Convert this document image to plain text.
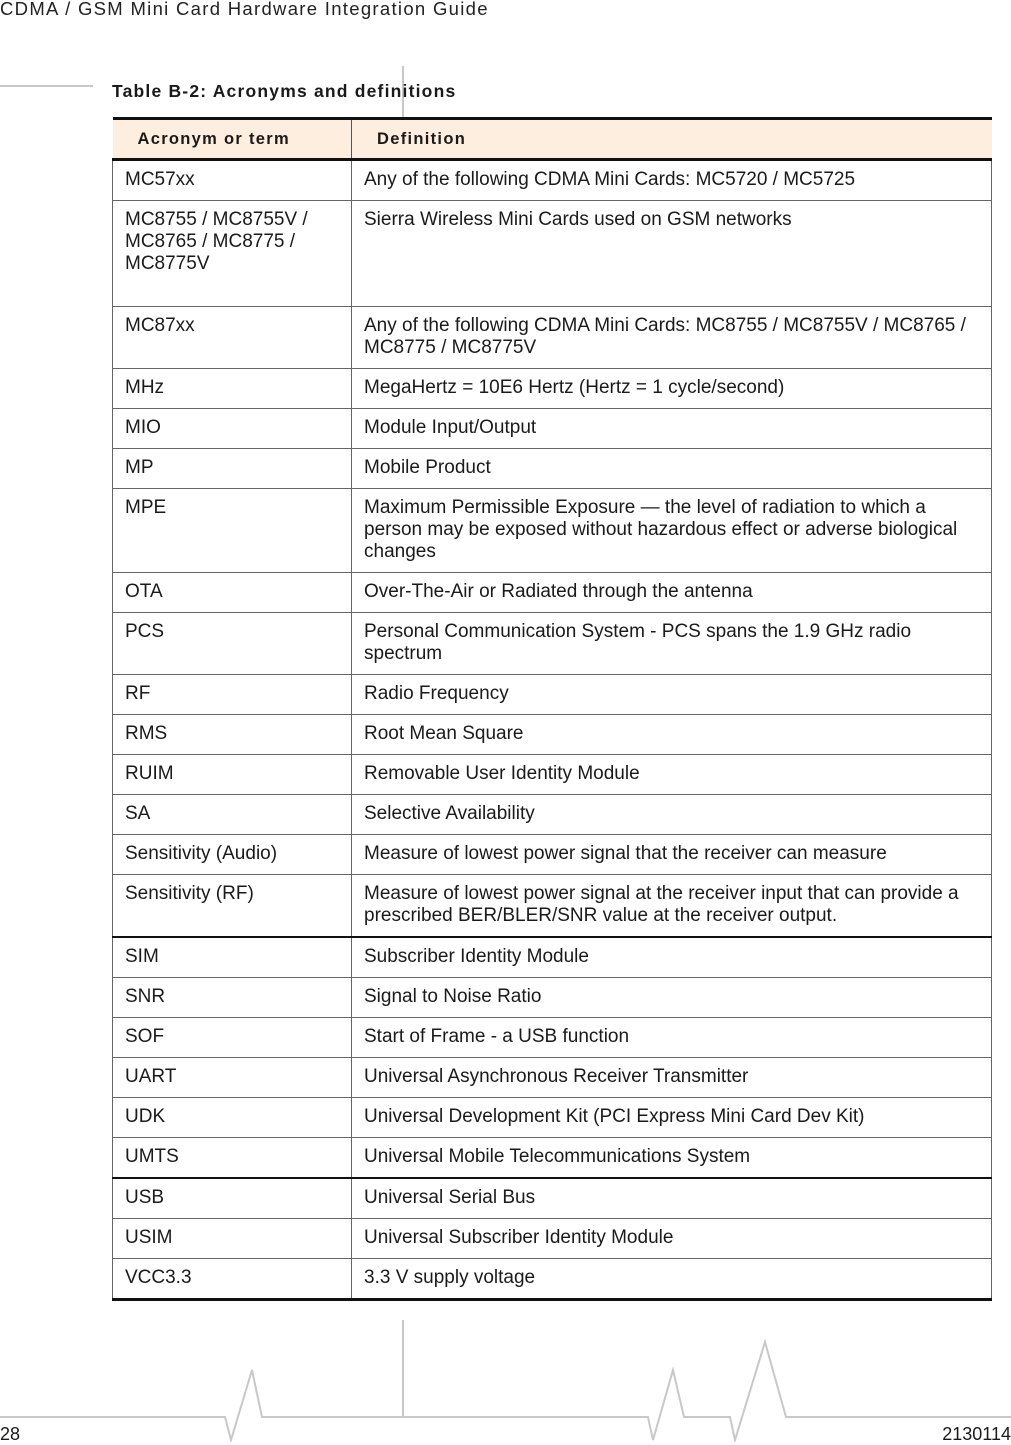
CDMA / GSM Mini Card Hardware Integration Guide
Table B-2: Acronyms and definitions
Acronym or term	Definition
MC57xx	Any of the following CDMA Mini Cards: MC5720 / MC5725
MC8755 / MC8755V / MC8765 / MC8775 / MC8775V	Sierra Wireless Mini Cards used on GSM networks
MC87xx	Any of the following CDMA Mini Cards: MC8755 / MC8755V / MC8765 / MC8775 / MC8775V
MHz	MegaHertz = 10E6 Hertz (Hertz = 1 cycle/second)
MIO	Module Input/Output
MP	Mobile Product
MPE	Maximum Permissible Exposure — the level of radiation to which a person may be exposed without hazardous effect or adverse biological changes
OTA	Over-The-Air or Radiated through the antenna
PCS	Personal Communication System - PCS spans the 1.9 GHz radio spectrum
RF	Radio Frequency
RMS	Root Mean Square
RUIM	Removable User Identity Module
SA	Selective Availability
Sensitivity (Audio)	Measure of lowest power signal that the receiver can measure
Sensitivity (RF)	Measure of lowest power signal at the receiver input that can provide a prescribed BER/BLER/SNR value at the receiver output.
SIM	Subscriber Identity Module
SNR	Signal to Noise Ratio
SOF	Start of Frame - a USB function
UART	Universal Asynchronous Receiver Transmitter
UDK	Universal Development Kit (PCI Express Mini Card Dev Kit)
UMTS	Universal Mobile Telecommunications System
USB	Universal Serial Bus
USIM	Universal Subscriber Identity Module
VCC3.3	3.3 V supply voltage
28	2130114
